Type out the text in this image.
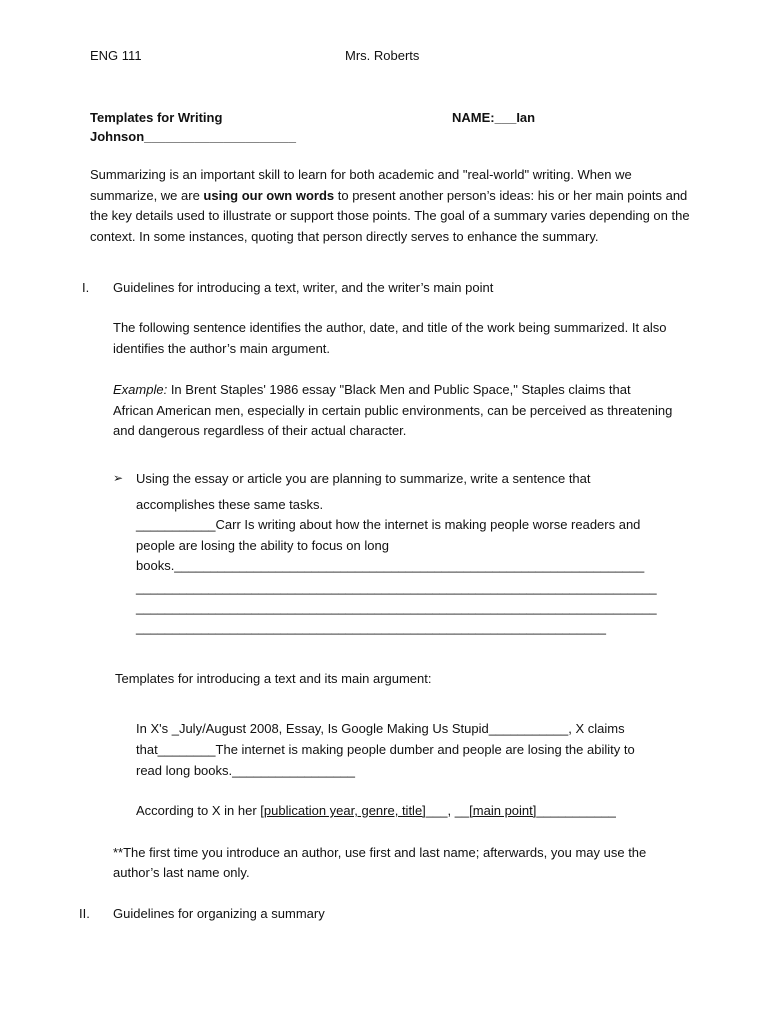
ENG 111	Mrs. Roberts
Templates for Writing	NAME:___Ian
Johnson_____________________
Summarizing is an important skill to learn for both academic and "real-world" writing. When we summarize, we are using our own words to present another person’s ideas: his or her main points and the key details used to illustrate or support those points. The goal of a summary varies depending on the context. In some instances, quoting that person directly serves to enhance the summary.
I. Guidelines for introducing a text, writer, and the writer’s main point
The following sentence identifies the author, date, and title of the work being summarized. It also identifies the author’s main argument.
Example: In Brent Staples' 1986 essay "Black Men and Public Space," Staples claims that African American men, especially in certain public environments, can be perceived as threatening and dangerous regardless of their actual character.
➢ Using the essay or article you are planning to summarize, write a sentence that
accomplishes these same tasks.
___________Carr Is writing about how the internet is making people worse readers and
people are losing the ability to focus on long
books._________________________________________________________________
________________________________________________________________________
________________________________________________________________________
_________________________________________________________________
Templates for introducing a text and its main argument:
In X's _July/August 2008, Essay, Is Google Making Us Stupid___________, X claims
that________The internet is making people dumber and people are losing the ability to
read long books._________________
According to X in her [publication year, genre, title]___, __[main point]___________
**The first time you introduce an author, use first and last name; afterwards, you may use the author’s last name only.
II. Guidelines for organizing a summary
